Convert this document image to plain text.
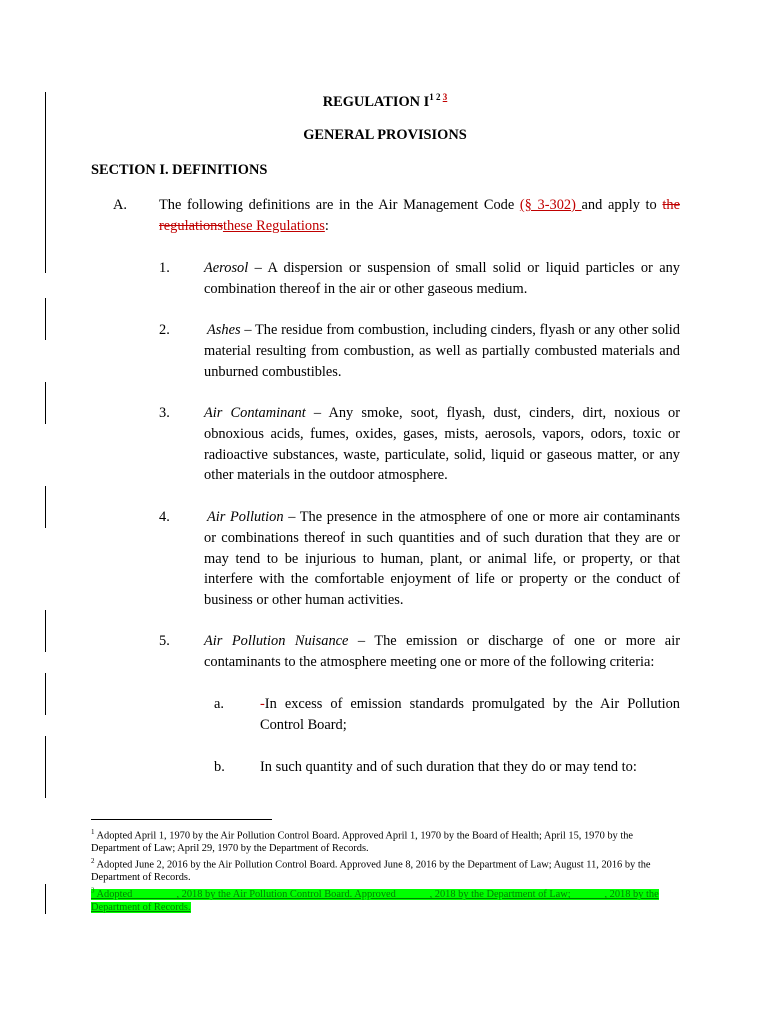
REGULATION $I^{1 2 3}$
GENERAL PROVISIONS
SECTION I. DEFINITIONS
A. The following definitions are in the Air Management Code (§ 3-302) and apply to the regulationsthese Regulations:
1. Aerosol – A dispersion or suspension of small solid or liquid particles or any combination thereof in the air or other gaseous medium.
2.	Ashes – The residue from combustion, including cinders, flyash or any other solid material resulting from combustion, as well as partially combusted materials and unburned combustibles.
3. Air Contaminant – Any smoke, soot, flyash, dust, cinders, dirt, noxious or obnoxious acids, fumes, oxides, gases, mists, aerosols, vapors, odors, toxic or radioactive substances, waste, particulate, solid, liquid or gaseous matter, or any other materials in the outdoor atmosphere.
4.	Air Pollution – The presence in the atmosphere of one or more air contaminants or combinations thereof in such quantities and of such duration that they are or may tend to be injurious to human, plant, or animal life, or property, or that interfere with the comfortable enjoyment of life or property or the conduct of business or other human activities.
5. Air Pollution Nuisance – The emission or discharge of one or more air contaminants to the atmosphere meeting one or more of the following criteria:
a.	-In excess of emission standards promulgated by the Air Pollution Control Board;
b. In such quantity and of such duration that they do or may tend to:
$^1$ Adopted April 1, 1970 by the Air Pollution Control Board. Approved April 1, 1970 by the Board of Health; April 15, 1970 by the Department of Law; April 29, 1970 by the Department of Records.
$^2$ Adopted June 2, 2016 by the Air Pollution Control Board. Approved June 8, 2016 by the Department of Law; August 11, 2016 by the Department of Records.
$^3$ Adopted ________, 2018 by the Air Pollution Control Board. Approved ______, 2018 by the Department of Law; ______, 2018 by the Department of Records.
